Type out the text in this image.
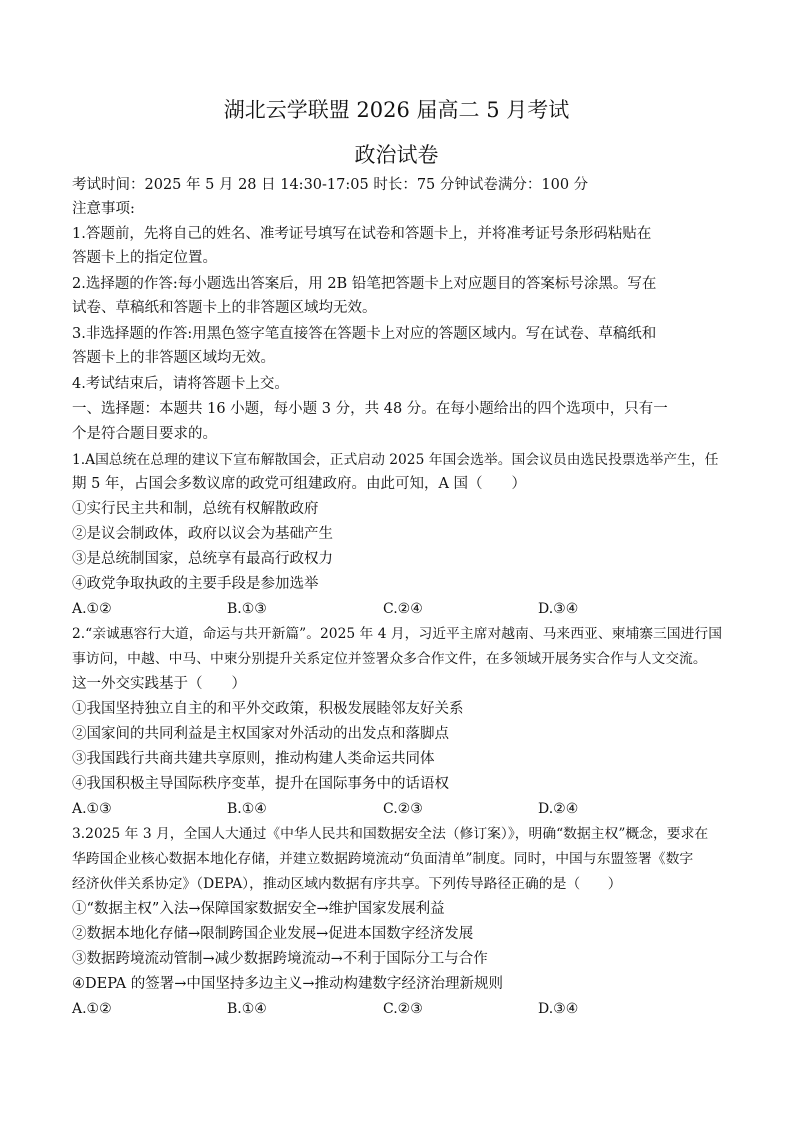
湖北云学联盟 2026 届高二 5 月考试
政治试卷
考试时间：2025 年 5 月 28 日 14:30-17:05 时长：75 分钟试卷满分：100 分
注意事项:
1.答题前，先将自己的姓名、准考证号填写在试卷和答题卡上，并将准考证号条形码粘贴在
答题卡上的指定位置。
2.选择题的作答:每小题选出答案后，用 2B 铅笔把答题卡上对应题目的答案标号涂黑。写在
试卷、草稿纸和答题卡上的非答题区域均无效。
3.非选择题的作答:用黑色签字笔直接答在答题卡上对应的答题区域内。写在试卷、草稿纸和
答题卡上的非答题区域均无效。
4.考试结束后，请将答题卡上交。
一、选择题：本题共 16 小题，每小题 3 分，共 48 分。在每小题给出的四个选项中，只有一
个是符合题目要求的。
1.A国总统在总理的建议下宣布解散国会，正式启动 2025 年国会选举。国会议员由选民投票选举产生，任
期 5 年，占国会多数议席的政党可组建政府。由此可知，A 国（　　）
①实行民主共和制，总统有权解散政府
②是议会制政体，政府以议会为基础产生
③是总统制国家，总统享有最高行政权力
④政党争取执政的主要手段是参加选举
A.①②	B.①③	C.②④	D.③④
2.“亲诚惠容行大道，命运与共开新篇”。2025 年 4 月，习近平主席对越南、马来西亚、柬埔寨三国进行国
事访问，中越、中马、中柬分别提升关系定位并签署众多合作文件，在多领域开展务实合作与人文交流。
这一外交实践基于（　　）
①我国坚持独立自主的和平外交政策，积极发展睦邻友好关系
②国家间的共同利益是主权国家对外活动的出发点和落脚点
③我国践行共商共建共享原则，推动构建人类命运共同体
④我国积极主导国际秩序变革，提升在国际事务中的话语权
A.①③	B.①④	C.②③	D.②④
3.2025 年 3 月，全国人大通过《中华人民共和国数据安全法（修订案）》，明确“数据主权”概念，要求在
华跨国企业核心数据本地化存储，并建立数据跨境流动“负面清单”制度。同时，中国与东盟签署《数字
经济伙伴关系协定》（DEPA），推动区域内数据有序共享。下列传导路径正确的是（　　）
①“数据主权”入法→保障国家数据安全→维护国家发展利益
②数据本地化存储→限制跨国企业发展→促进本国数字经济发展
③数据跨境流动管制→减少数据跨境流动→不利于国际分工与合作
④DEPA 的签署→中国坚持多边主义→推动构建数字经济治理新规则
A.①②	B.①④	C.②③	D.③④
